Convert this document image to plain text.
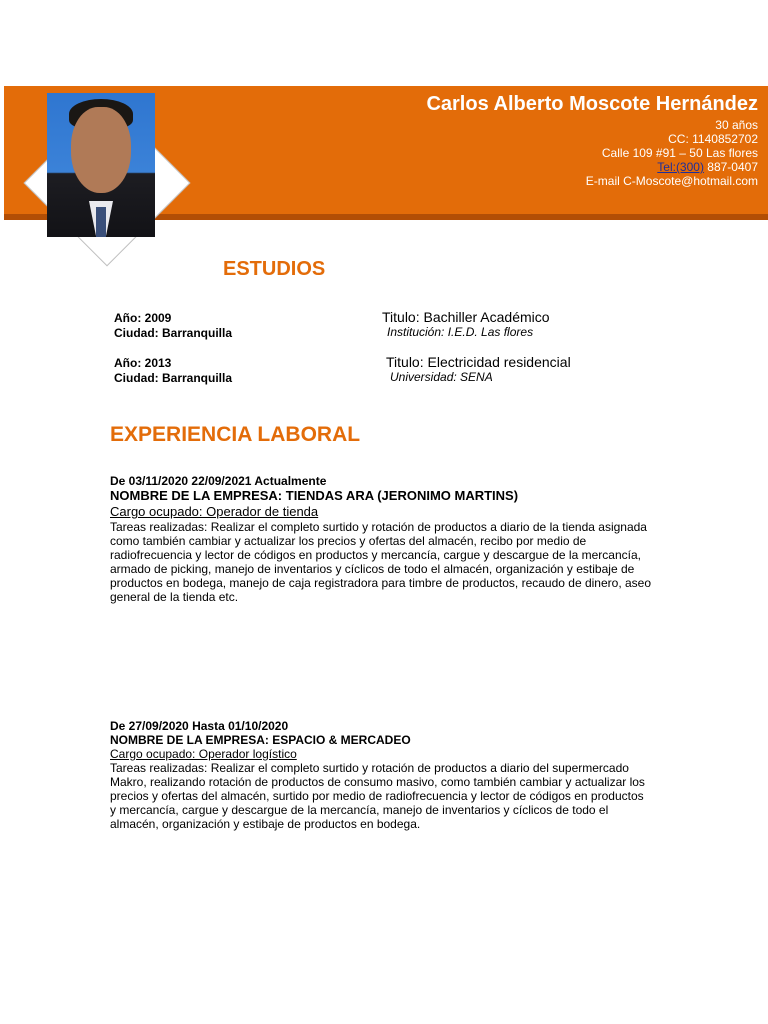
Carlos Alberto Moscote Hernández
30 años
CC: 1140852702
Calle 109 #91 – 50 Las flores
Tel:(300) 887-0407
E-mail C-Moscote@hotmail.com
ESTUDIOS
Año: 2009
Ciudad: Barranquilla
Titulo: Bachiller Académico
Institución: I.E.D. Las flores
Año: 2013
Ciudad: Barranquilla
Titulo: Electricidad residencial
Universidad: SENA
EXPERIENCIA LABORAL
De 03/11/2020 22/09/2021 Actualmente
NOMBRE DE LA EMPRESA: TIENDAS ARA (JERONIMO MARTINS)
Cargo ocupado: Operador de tienda
Tareas realizadas: Realizar el completo surtido y rotación de productos a diario de la tienda asignada como también cambiar y actualizar los precios y ofertas del almacén, recibo por medio de radiofrecuencia y lector de códigos en productos y mercancía, cargue y descargue de la mercancía, armado de picking, manejo de inventarios y cíclicos de todo el almacén, organización y estibaje de productos en bodega, manejo de caja registradora para timbre de productos, recaudo de dinero, aseo general de la tienda etc.
De 27/09/2020 Hasta 01/10/2020
NOMBRE DE LA EMPRESA: ESPACIO & MERCADEO
Cargo ocupado: Operador logístico
Tareas realizadas: Realizar el completo surtido y rotación de productos a diario del supermercado Makro, realizando rotación de productos de consumo masivo, como también cambiar y actualizar los precios y ofertas del almacén, surtido por medio de radiofrecuencia y lector de códigos en productos y mercancía, cargue y descargue de la mercancía, manejo de inventarios y cíclicos de todo el almacén, organización y estibaje de productos en bodega.
